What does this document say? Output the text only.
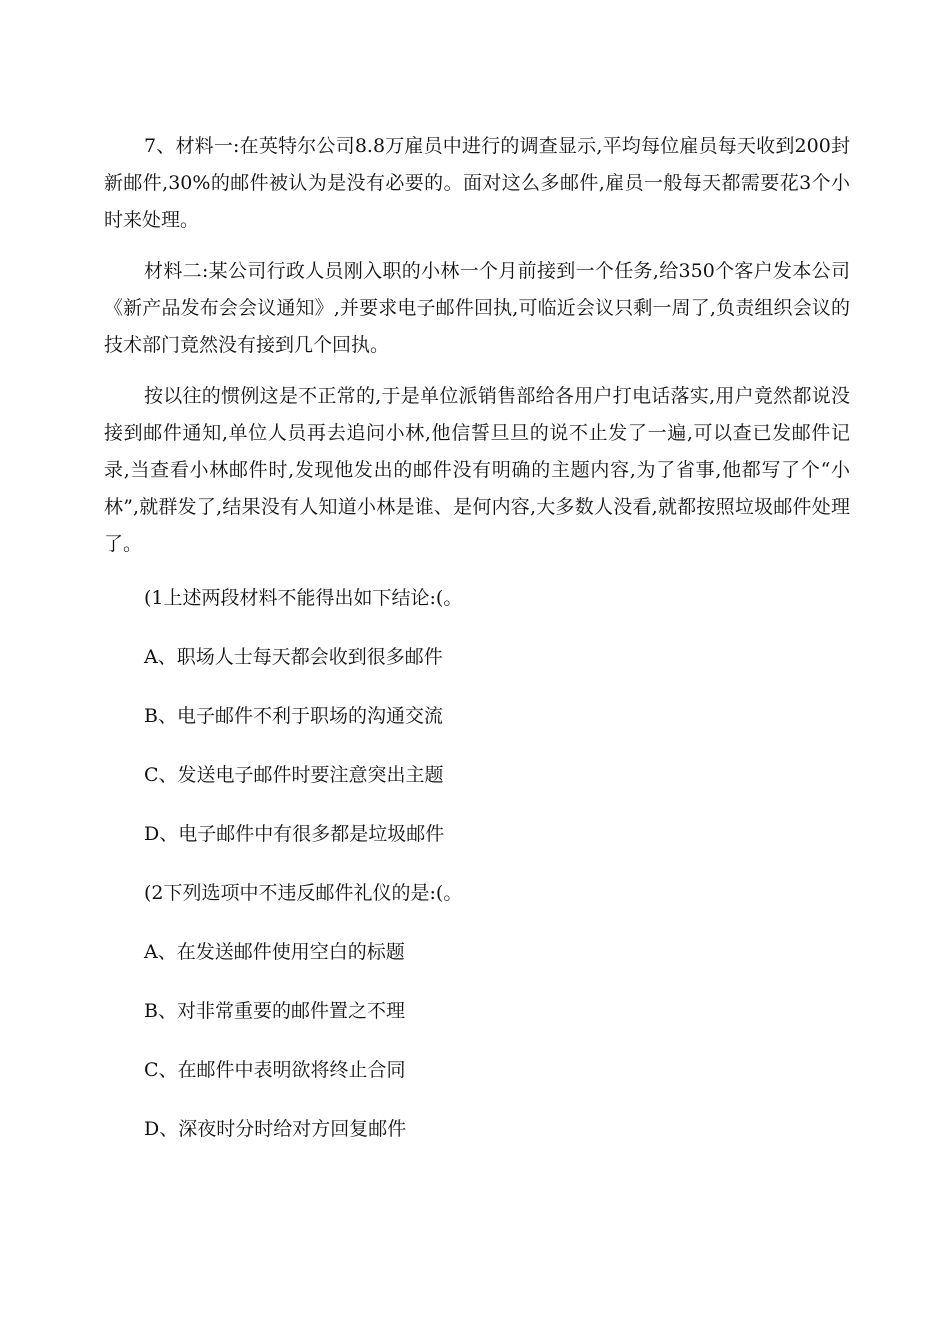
7、材料一:在英特尔公司8.8万雇员中进行的调查显示,平均每位雇员每天收到200封新邮件,30%的邮件被认为是没有必要的。面对这么多邮件,雇员一般每天都需要花3个小时来处理。

材料二:某公司行政人员刚入职的小林一个月前接到一个任务,给350个客户发本公司《新产品发布会会议通知》,并要求电子邮件回执,可临近会议只剩一周了,负责组织会议的技术部门竟然没有接到几个回执。

按以往的惯例这是不正常的,于是单位派销售部给各用户打电话落实,用户竟然都说没接到邮件通知,单位人员再去追问小林,他信誓旦旦的说不止发了一遍,可以查已发邮件记录,当查看小林邮件时,发现他发出的邮件没有明确的主题内容,为了省事,他都写了个“小林”,就群发了,结果没有人知道小林是谁、是何内容,大多数人没看,就都按照垃圾邮件处理了。

(1上述两段材料不能得出如下结论:(。

A、职场人士每天都会收到很多邮件

B、电子邮件不利于职场的沟通交流

C、发送电子邮件时要注意突出主题

D、电子邮件中有很多都是垃圾邮件

(2下列选项中不违反邮件礼仪的是:(。

A、在发送邮件使用空白的标题

B、对非常重要的邮件置之不理

C、在邮件中表明欲将终止合同

D、深夜时分时给对方回复邮件
